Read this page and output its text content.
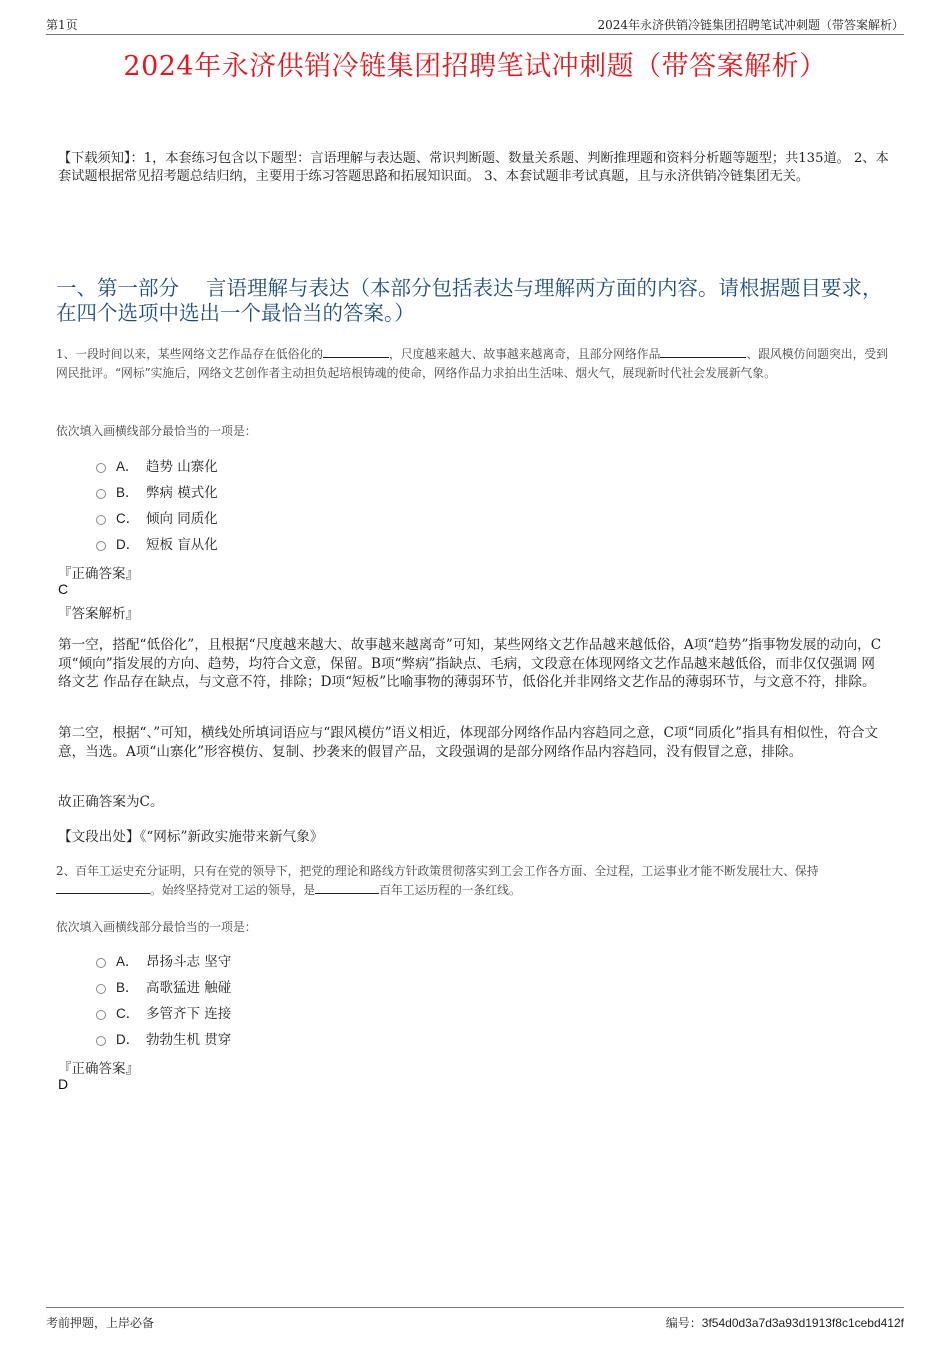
第1页	2024年永济供销冷链集团招聘笔试冲刺题（带答案解析）
2024年永济供销冷链集团招聘笔试冲刺题（带答案解析）
【下载须知】：1，本套练习包含以下题型：言语理解与表达题、常识判断题、数量关系题、判断推理题和资料分析题等题型；共135道。 2、本套试题根据常见招考题总结归纳，主要用于练习答题思路和拓展知识面。 3、本套试题非考试真题，且与永济供销冷链集团无关。
一、第一部分　 言语理解与表达（本部分包括表达与理解两方面的内容。请根据题目要求，在四个选项中选出一个最恰当的答案。）
1、一段时间以来，某些网络文艺作品存在低俗化的	，尺度越来越大、故事越来越离奇，且部分网络作品	、跟风模仿问题突出，受到网民批评。“网标”实施后，网络文艺创作者主动担负起培根铸魂的使命，网络作品力求拍出生活味、烟火气，展现新时代社会发展新气象。
依次填入画横线部分最恰当的一项是：
A． 趋势 山寨化
B． 弊病 模式化
C． 倾向 同质化
D． 短板 盲从化
『正确答案』
C
『答案解析』
第一空，搭配“低俗化”，且根据“尺度越来越大、故事越来越离奇”可知，某些网络文艺作品越来越低俗，A项“趋势”指事物发展的动向，C项“倾向”指发展的方向、趋势，均符合文意，保留。B项“弊病”指缺点、毛病，文段意在体现网络文艺作品越来越低俗，而非仅仅强调 网络文艺 作品存在缺点，与文意不符，排除；D项“短板”比喻事物的薄弱环节，低俗化并非网络文艺作品的薄弱环节，与文意不符，排除。
第二空，根据“、”可知，横线处所填词语应与“跟风模仿”语义相近，体现部分网络作品内容趋同之意，C项“同质化”指具有相似性，符合文意，当选。A项“山寨化”形容模仿、复制、抄袭来的假冒产品，文段强调的是部分网络作品内容趋同，没有假冒之意，排除。
故正确答案为C。
【文段出处】《“网标”新政实施带来新气象》
2、百年工运史充分证明，只有在党的领导下，把党的理论和路线方针政策贯彻落实到工会工作各方面、全过程，工运事业才能不断发展壮大、保持。始终坚持党对工运的领导，是	百年工运历程的一条红线。
依次填入画横线部分最恰当的一项是：
A． 昂扬斗志 坚守
B． 高歌猛进 触碰
C． 多管齐下 连接
D． 勃勃生机 贯穿
『正确答案』
D
考前押题，上岸必备	编号：3f54d0d3a7d3a93d1913f8c1cebd412f
